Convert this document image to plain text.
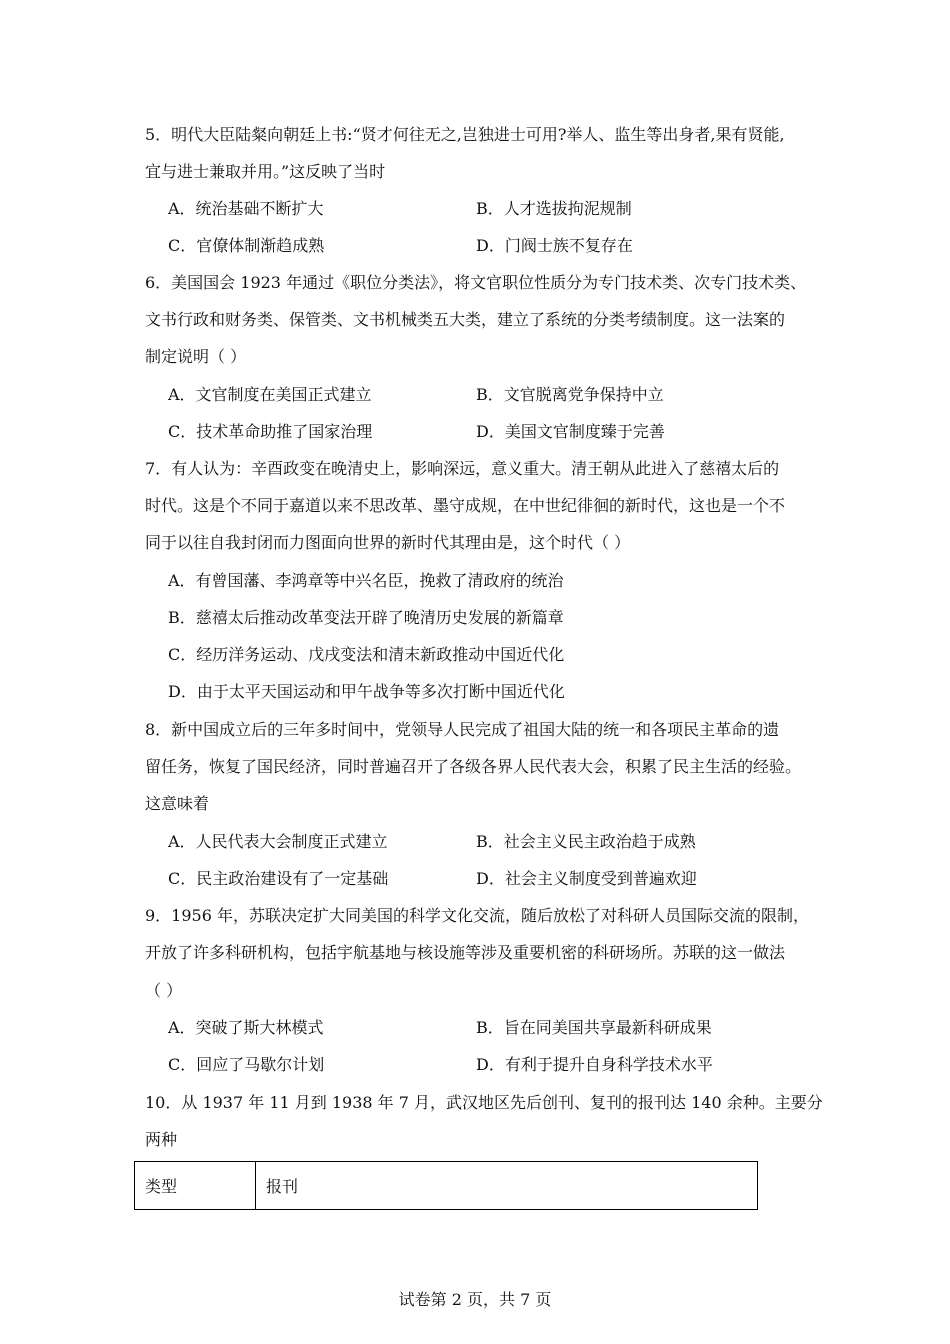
5．明代大臣陆粲向朝廷上书:“贤才何往无之,岂独进士可用?举人、监生等出身者,果有贤能,
宜与进士兼取并用。”这反映了当时
A．统治基础不断扩大	B．人才选拔拘泥规制
C．官僚体制渐趋成熟	D．门阀士族不复存在
6．美国国会 1923 年通过《职位分类法》，将文官职位性质分为专门技术类、次专门技术类、
文书行政和财务类、保管类、文书机械类五大类，建立了系统的分类考绩制度。这一法案的
制定说明（ ）
A．文官制度在美国正式建立	B．文官脱离党争保持中立
C．技术革命助推了国家治理	D．美国文官制度臻于完善
7．有人认为：辛酉政变在晚清史上，影响深远，意义重大。清王朝从此进入了慈禧太后的
时代。这是个不同于嘉道以来不思改革、墨守成规，在中世纪徘徊的新时代，这也是一个不
同于以往自我封闭而力图面向世界的新时代其理由是，这个时代（ ）
A．有曾国藩、李鸿章等中兴名臣，挽救了清政府的统治
B．慈禧太后推动改革变法开辟了晚清历史发展的新篇章
C．经历洋务运动、戊戌变法和清末新政推动中国近代化
D．由于太平天国运动和甲午战争等多次打断中国近代化
8．新中国成立后的三年多时间中，党领导人民完成了祖国大陆的统一和各项民主革命的遗
留任务，恢复了国民经济，同时普遍召开了各级各界人民代表大会，积累了民主生活的经验。
这意味着
A．人民代表大会制度正式建立	B．社会主义民主政治趋于成熟
C．民主政治建设有了一定基础	D．社会主义制度受到普遍欢迎
9．1956 年，苏联决定扩大同美国的科学文化交流，随后放松了对科研人员国际交流的限制，
开放了许多科研机构，包括宇航基地与核设施等涉及重要机密的科研场所。苏联的这一做法
（ ）
A．突破了斯大林模式	B．旨在同美国共享最新科研成果
C．回应了马歇尔计划	D．有利于提升自身科学技术水平
10．从 1937 年 11 月到 1938 年 7 月，武汉地区先后创刊、复刊的报刊达 140 余种。主要分
两种
类型	报刊
试卷第 2 页，共 7 页
